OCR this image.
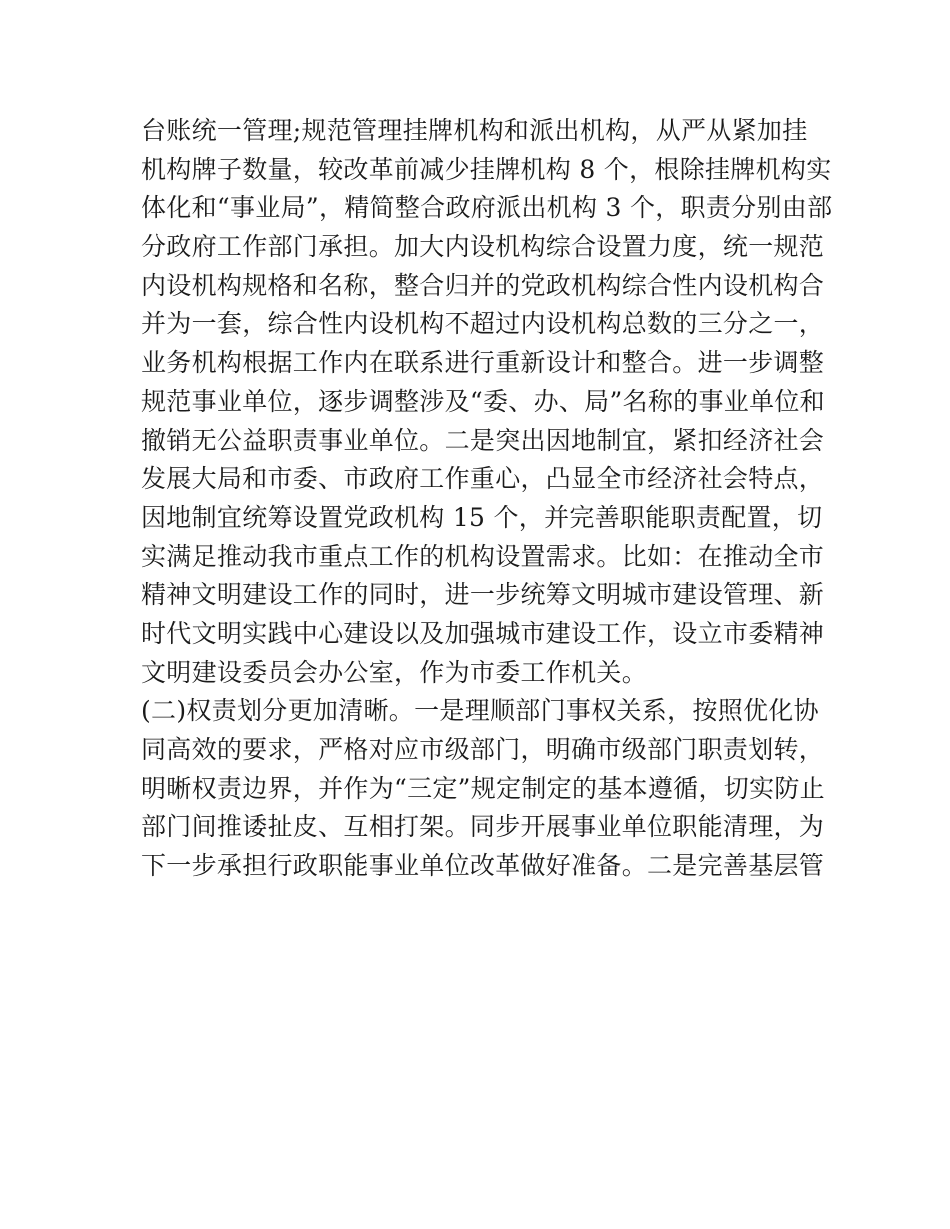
台账统一管理;规范管理挂牌机构和派出机构，从严从紧加挂
机构牌子数量，较改革前减少挂牌机构 8 个，根除挂牌机构实
体化和“事业局”，精简整合政府派出机构 3 个，职责分别由部
分政府工作部门承担。加大内设机构综合设置力度，统一规范
内设机构规格和名称，整合归并的党政机构综合性内设机构合
并为一套，综合性内设机构不超过内设机构总数的三分之一，
业务机构根据工作内在联系进行重新设计和整合。进一步调整
规范事业单位，逐步调整涉及“委、办、局”名称的事业单位和
撤销无公益职责事业单位。二是突出因地制宜，紧扣经济社会
发展大局和市委、市政府工作重心，凸显全市经济社会特点，
因地制宜统筹设置党政机构 15 个，并完善职能职责配置，切
实满足推动我市重点工作的机构设置需求。比如：在推动全市
精神文明建设工作的同时，进一步统筹文明城市建设管理、新
时代文明实践中心建设以及加强城市建设工作，设立市委精神
文明建设委员会办公室，作为市委工作机关。
(二)权责划分更加清晰。一是理顺部门事权关系，按照优化协
同高效的要求，严格对应市级部门，明确市级部门职责划转，
明晰权责边界，并作为“三定”规定制定的基本遵循，切实防止
部门间推诿扯皮、互相打架。同步开展事业单位职能清理，为
下一步承担行政职能事业单位改革做好准备。二是完善基层管
